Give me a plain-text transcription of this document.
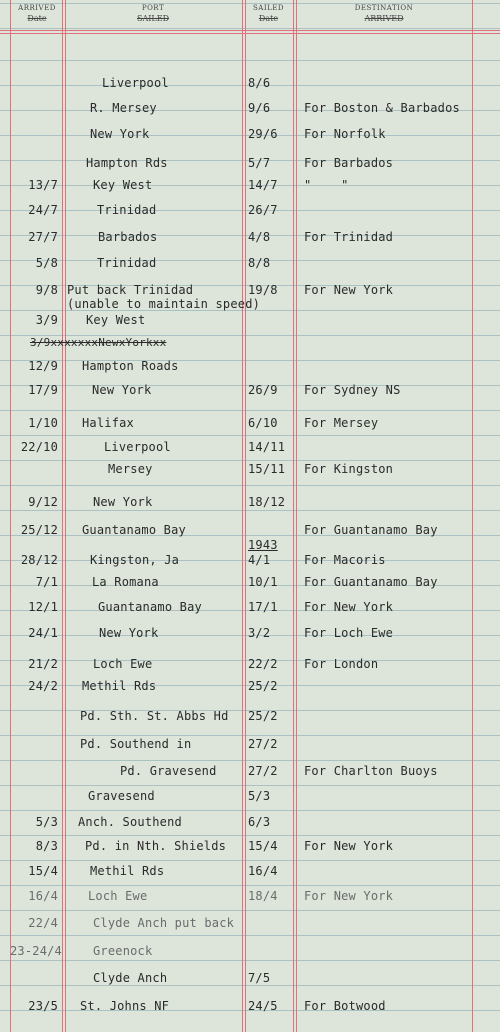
ARRIVED
Date
PORT
SAILED
SAILED
Date
DESTINATION
ARRIVED
Liverpool	8/6
R. Mersey	9/6	For Boston & Barbados
New York	29/6 For Norfolk
Hampton Rds	5/7	For Barbados
13/7	Key West	14/7 "    "
24/7	Trinidad	26/7
27/7	Barbados	4/8	For Trinidad
5/8	Trinidad	8/8
9/8 Put back Trinidad	19/8 For New York
(unable to maintain speed)
3/9 Key West
3/9xxxxxxxNewxYorkxx
12/9 Hampton Roads
17/9	New York	26/9 For Sydney NS
1/10 Halifax	6/10 For Mersey
22/10	Liverpool	14/11
Mersey	15/11 For Kingston
9/12	New York	18/12
25/12 Guantanamo Bay	For Guantanamo Bay
1943
28/12	Kingston, Ja	4/1	For Macoris
7/1	La Romana	10/1 For Guantanamo Bay
12/1	Guantanamo Bay	17/1 For New York
24/1	New York	3/2	For Loch Ewe
21/2	Loch Ewe	22/2 For London
24/2 Methil Rds	25/2
Pd. Sth. St. Abbs Hd 25/2
Pd. Southend in	27/2
Pd. Gravesend	27/2 For Charlton Buoys
Gravesend	5/3
5/3 Anch. Southend	6/3
8/3 Pd. in Nth. Shields 15/4 For New York
15/4	Methil Rds	16/4
16/4	Loch Ewe	18/4 For New York
22/4	Clyde Anch put back
23-24/4	Greenock
Clyde Anch	7/5
23/5 St. Johns NF	24/5 For Botwood
